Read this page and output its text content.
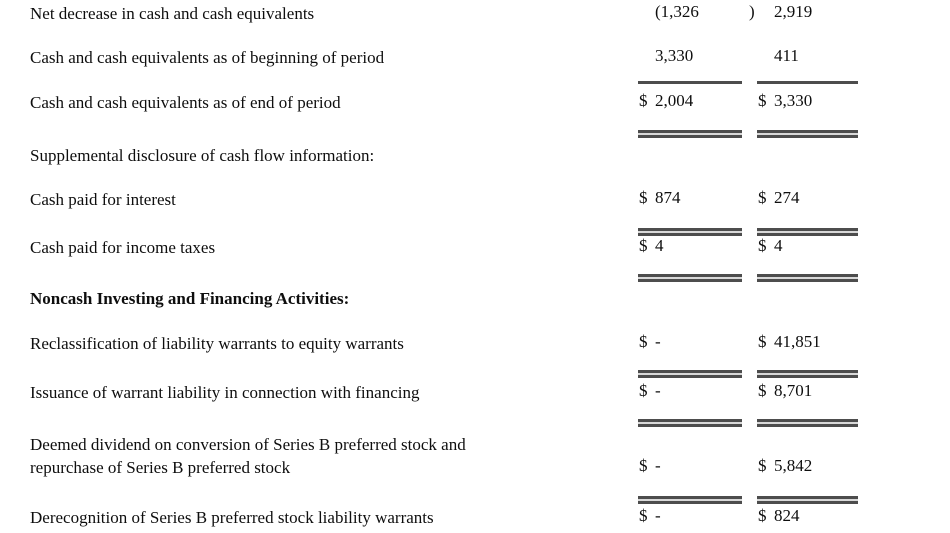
Net decrease in cash and cash equivalents	(1,326	)	2,919
Cash and cash equivalents as of beginning of period	3,330	411
Cash and cash equivalents as of end of period	$ 2,004	$ 3,330
Supplemental disclosure of cash flow information:
Cash paid for interest	$ 874	$ 274
Cash paid for income taxes	$ 4	$ 4
Noncash Investing and Financing Activities:
Reclassification of liability warrants to equity warrants	$ -	$ 41,851
Issuance of warrant liability in connection with financing	$ -	$ 8,701
Deemed dividend on conversion of Series B preferred stock and
repurchase of Series B preferred stock	$ -	$ 5,842
Derecognition of Series B preferred stock liability warrants	$ -	$ 824
